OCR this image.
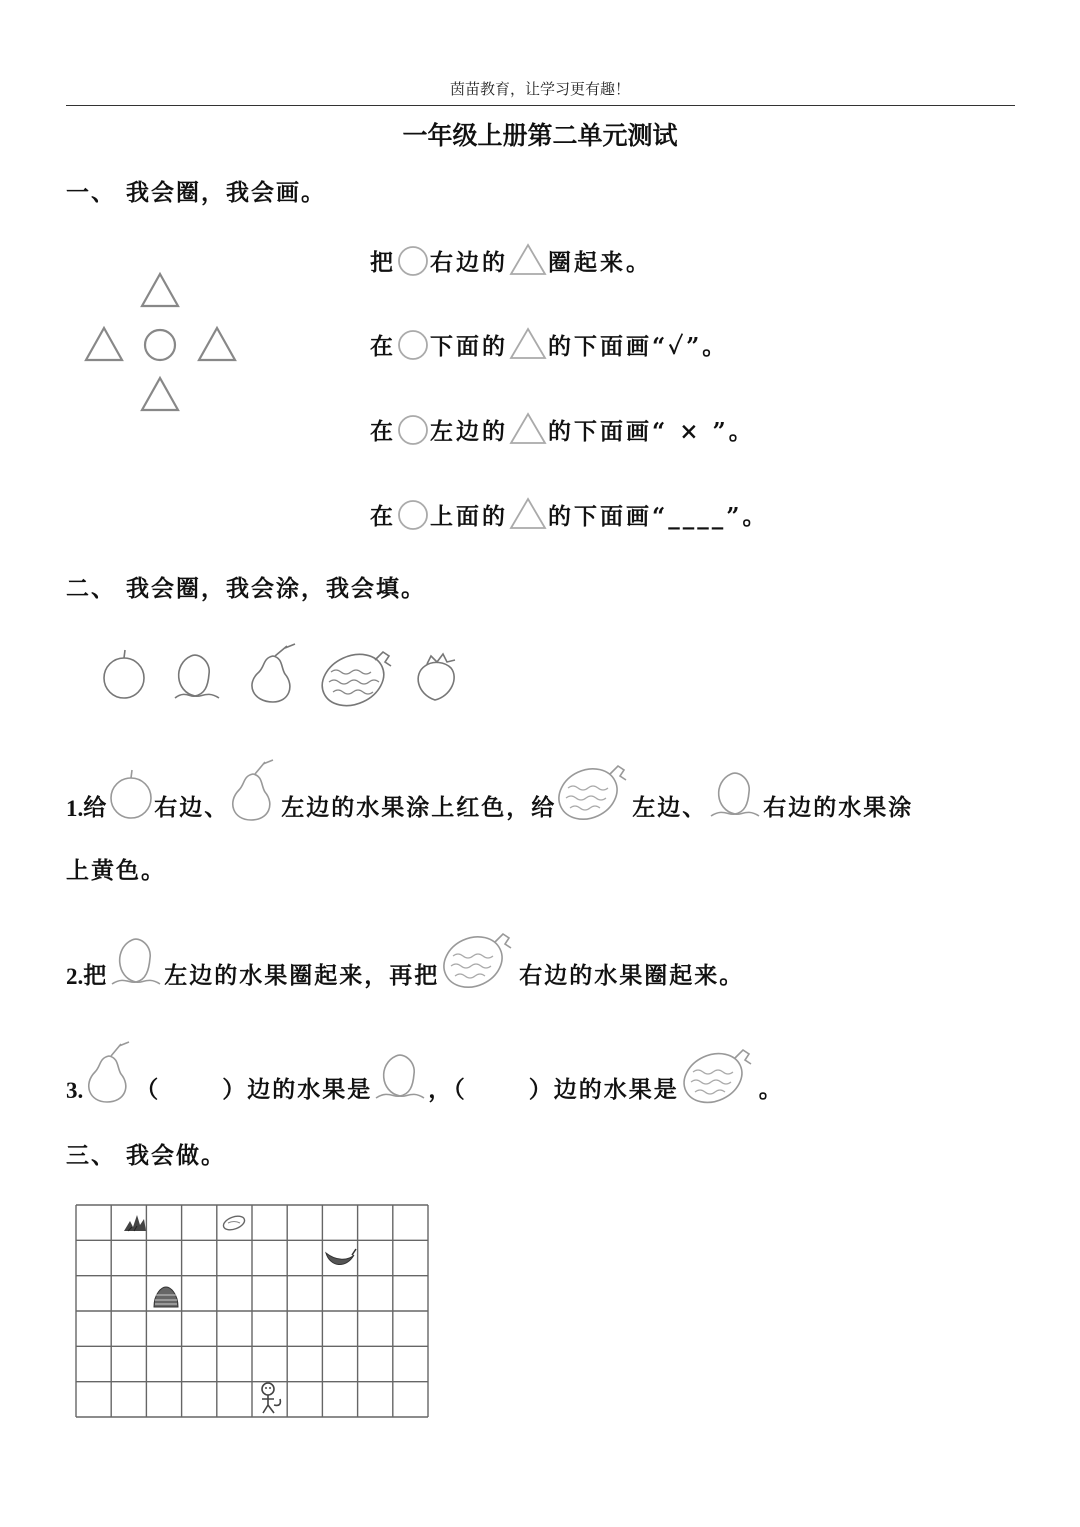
茵苗教育，让学习更有趣！
一年级上册第二单元测试
一、 我会圈，我会画。
把 右边的 圈起来。
在 下面的 的下面画“✓”。
在 左边的 的下面画“ × ”。
在 上面的 的下面画“____”。
二、 我会圈，我会涂，我会填。
1. 给 右边、 左边的水果涂上红色，给	左边、 右边的水果涂
上黄色。
2. 把 左边的水果圈起来，再把	右边的水果圈起来。
3. （	）边的水果是 ，（	）边的水果是	。
三、 我会做。
